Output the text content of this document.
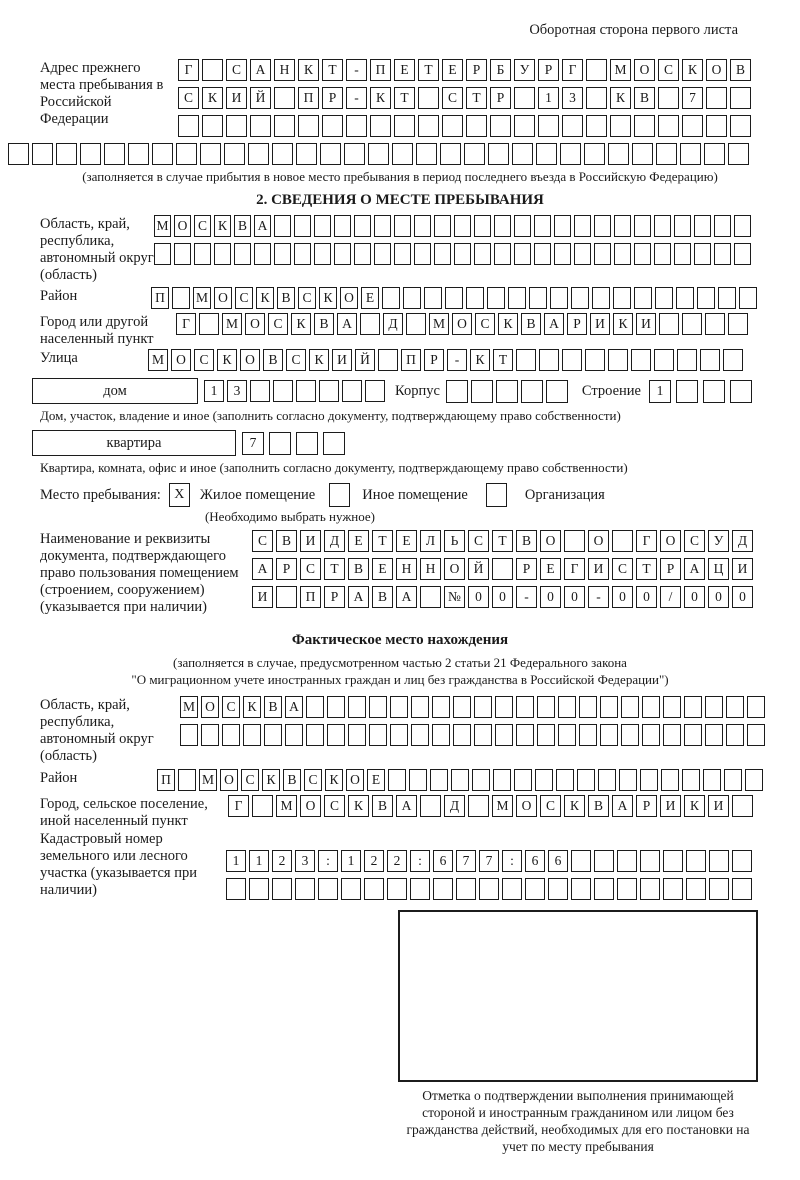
Оборотная сторона первого листа
Адрес прежнего места пребывания в Российской Федерации
Г	С	А	Н	К	Т	-	П	Е	Т	Е	Р	Б	У	Р	Г	М О	С	К	О	В
С	К	И	Й	П	Р	-	К	Т	С	Т	Р	1	3	К	В	7
(заполняется в случае прибытия в новое место пребывания в период последнего въезда в Российскую Федерацию)
2. СВЕДЕНИЯ О МЕСТЕ ПРЕБЫВАНИЯ
Область, край, республика, автономный округ (область)
М О С К В А
Район	П	М О С К В С К О Е
Город или другой населенный пункт
Г	М О	С	К	В	А	Д	М О	С	К	В	А	Р	И	К	И
Улица	М О	С	К	О	В	С	К	И Й	П	Р	-	К	Т
дом	1	3	Корпус	Строение	1
Дом, участок, владение и иное (заполнить согласно документу, подтверждающему право собственности)
квартира	7
Квартира, комната, офис и иное (заполнить согласно документу, подтверждающему право собственности)
Место пребывания: X	Жилое помещение	Иное помещение	Организация
(Необходимо выбрать нужное)
Наименование и реквизиты документа, подтверждающего право пользования помещением (строением, сооружением) (указывается при наличии)
С	В	И	Д	Е	Т	Е	Л	Ь	С	Т	В	О	О	Г	О	С	У	Д
А	Р	С	Т	В	Е	Н	Н	О	Й	Р	Е	Г	И	С	Т	Р	А	Ц	И
И	П	Р	А	В	А	№	0	0	-	0	0	-	0	0	/	0	0	0
Фактическое место нахождения
(заполняется в случае, предусмотренном частью 2 статьи 21 Федерального закона
"О миграционном учете иностранных граждан и лиц без гражданства в Российской Федерации")
Область, край, республика, автономный округ (область)
М О С К В А
Район	П	М О С К В С К О Е
Город, сельское поселение, иной населенный пункт
Г	М О	С	К	В	А	Д	М О	С	К	В	А	Р	И	К	И
Кадастровый номер земельного или лесного участка (указывается при наличии)
1	1	2	3	:	1	2	2	:	6	7	7	:	6	6
Отметка о подтверждении выполнения принимающей стороной и иностранным гражданином или лицом без гражданства действий, необходимых для его постановки на учет по месту пребывания
